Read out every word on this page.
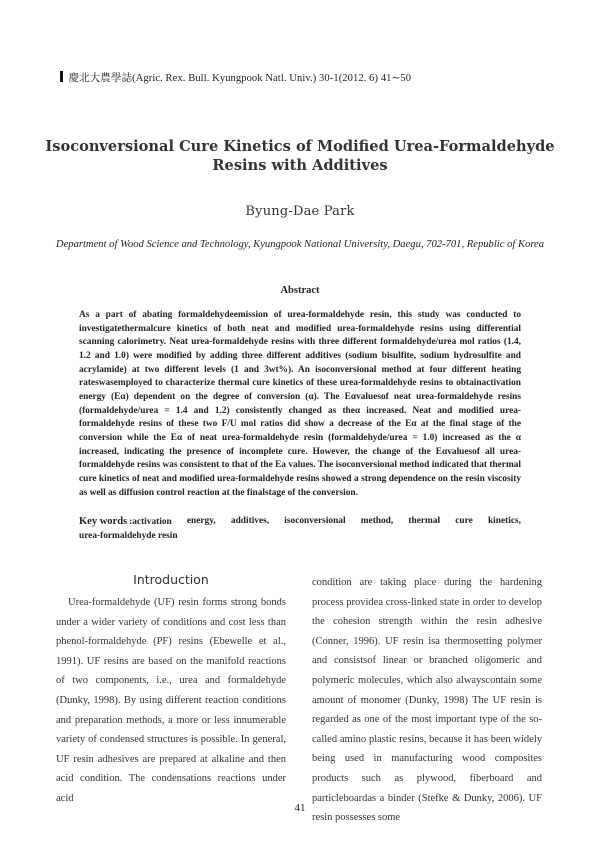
慶北大農學誌(Agric. Rex. Bull. Kyungpook Natl. Univ.) 30-1(2012. 6) 41∼50
Isoconversional Cure Kinetics of Modified Urea-Formaldehyde
Resins with Additives
Byung-Dae Park
Department of Wood Science and Technology, Kyungpook National University, Daegu, 702-701, Republic of Korea
Abstract
As a part of abating formaldehydeemission of urea-formaldehyde resin, this study was conducted to investigatethermalcure kinetics of both neat and modified urea-formaldehyde resins using differential scanning calorimetry. Neat urea-formaldehyde resins with three different formaldehyde/urea mol ratios (1.4, 1.2 and 1.0) were modified by adding three different additives (sodium bisulfite, sodium hydrosulfite and acrylamide) at two different levels (1 and 3wt%). An isoconversional method at four different heating rateswasemployed to characterize thermal cure kinetics of these urea-formaldehyde resins to obtainactivation energy (Eα) dependent on the degree of conversion (α). The Eαvaluesof neat urea-formaldehyde resins (formaldehyde/urea = 1.4 and 1.2) consistently changed as theα increased. Neat and modified urea-formaldehyde resins of these two F/U mol ratios did show a decrease of the Eα at the final stage of the conversion while the Eα of neat urea-formaldehyde resin (formaldehyde/urea = 1.0) increased as the α increased, indicating the presence of incomplete cure. However, the change of the Eαvaluesof all urea-formaldehyde resins was consistent to that of the Ea values. The isoconversional method indicated that thermal cure kinetics of neat and modified urea-formaldehyde resins showed a strong dependence on the resin viscosity as well as diffusion control reaction at the finalstage of the conversion.
Key words :activation energy, additives, isoconversional method, thermal cure kinetics,
urea-formaldehyde resin
Introduction
Urea-formaldehyde (UF) resin forms strong bonds under a wider variety of conditions and cost less than phenol-formaldehyde (PF) resins (Ebewelle et al., 1991). UF resins are based on the manifold reactions of two components, i.e., urea and formaldehyde (Dunky, 1998). By using different reaction conditions and preparation methods, a more or less innumerable variety of condensed structures is possible. In general, UF resin adhesives are prepared at alkaline and then acid condition. The condensations reactions under acid
condition are taking place during the hardening process providea cross-linked state in order to develop the cohesion strength within the resin adhesive (Conner, 1996). UF resin isa thermosetting polymer and consistsof linear or branched oligomeric and polymeric molecules, which also alwayscontain some amount of monomer (Dunky, 1998) The UF resin is regarded as one of the most important type of the so-called amino plastic resins, because it has been widely being used in manufacturing wood composites products such as plywood, fiberboard and particleboardas a binder (Stefke & Dunky, 2006). UF resin possesses some
41
